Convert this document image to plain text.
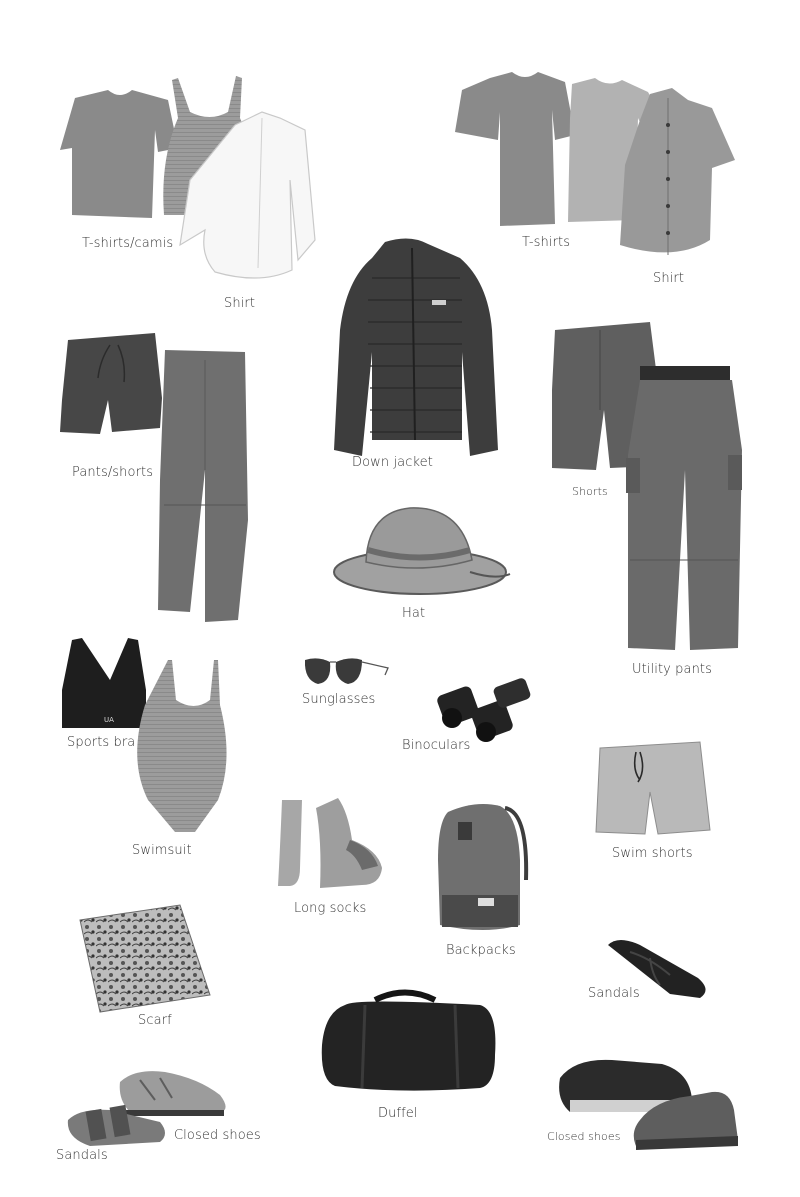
UA
T-shirts/camis
Shirt
T-shirts
Shirt
Down jacket
Pants/shorts
Shorts
Hat
Utility pants
Sunglasses
Sports bra	Binoculars
Swimsuit	Swim shorts
Long socks
Backpacks
Sandals
Scarf
Duffel
Closed shoes	Closed shoes
Sandals
